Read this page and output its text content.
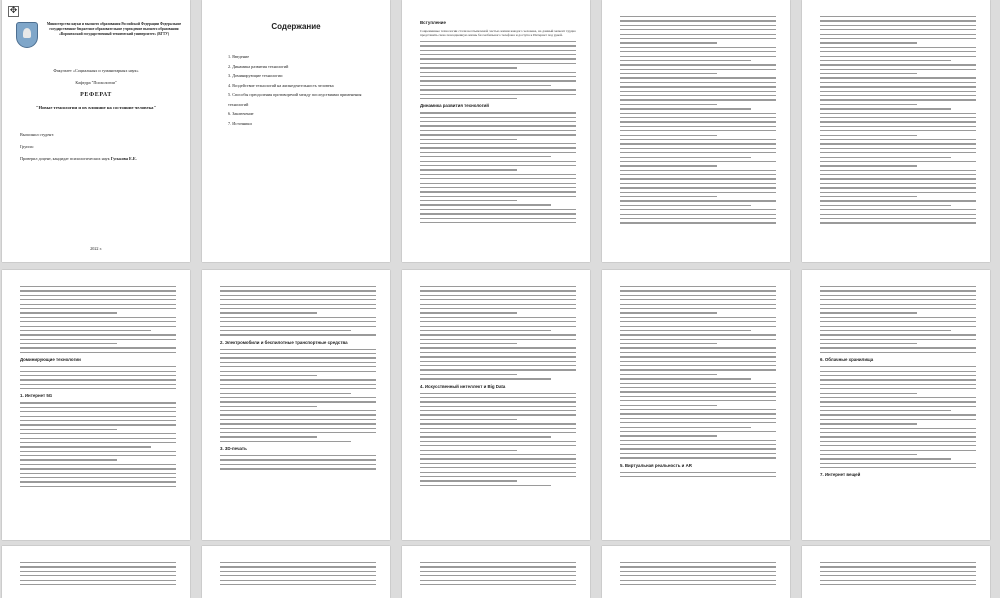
✥
Министерство науки и высшего образования Российской Федерации Федеральное государственное бюджетное образовательное учреждение высшего образования «Воронежский государственный технический университет» (ВГТУ)
Факультет «Социальных и гуманитарных наук»
Кафедра "Психологии"
РЕФЕРАТ
"Новые технологии и их влияние на состояние человека"
Выполнил студент:
Группа:
Проверил доцент, кандидат психологических наук Гуськова Е.Е.
2022 г.
Содержание
1. Введение
2. Динамика развития технологий
3. Доминирующие технологии
4. Воздействие технологий на жизнедеятельность человека
5. Способы преодоления противоречий между последствиями применения технологий
6. Заключение
7. Источники
Вступление
Современные технологии стали неотъемлемой частью жизни каждого человека, на данный момент трудно представить свою повседневную жизнь без мобильного телефона и доступа к Интернет под рукой.
Динамика развития технологий
Доминирующие технологии
1. Интернет 5G
2. Электромобили и беспилотные транспортные средства
3. 3D-печать
4. Искусственный интеллект и Big Data
5. Виртуальная реальность и AR
6. Облачные хранилища
7. Интернет вещей
